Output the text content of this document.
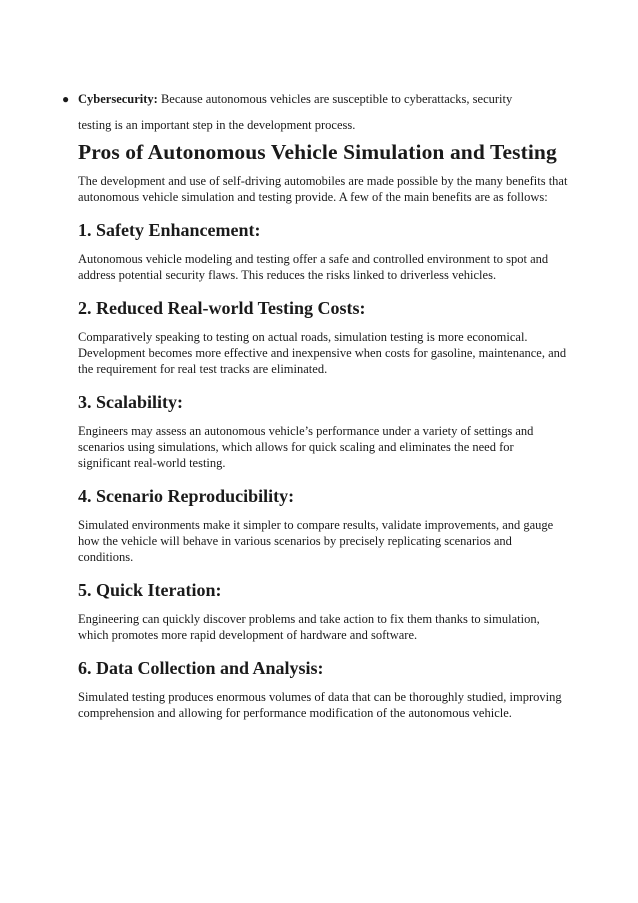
● Cybersecurity: Because autonomous vehicles are susceptible to cyberattacks, security
testing is an important step in the development process.
Pros of Autonomous Vehicle Simulation and Testing

The development and use of self-driving automobiles are made possible by the many benefits that autonomous vehicle simulation and testing provide. A few of the main benefits are as follows:

1. Safety Enhancement:

Autonomous vehicle modeling and testing offer a safe and controlled environment to spot and address potential security flaws. This reduces the risks linked to driverless vehicles.

2. Reduced Real-world Testing Costs:

Comparatively speaking to testing on actual roads, simulation testing is more economical. Development becomes more effective and inexpensive when costs for gasoline, maintenance, and the requirement for real test tracks are eliminated.

3. Scalability:

Engineers may assess an autonomous vehicle’s performance under a variety of settings and scenarios using simulations, which allows for quick scaling and eliminates the need for significant real-world testing.

4. Scenario Reproducibility:

Simulated environments make it simpler to compare results, validate improvements, and gauge how the vehicle will behave in various scenarios by precisely replicating scenarios and conditions.

5. Quick Iteration:

Engineering can quickly discover problems and take action to fix them thanks to simulation, which promotes more rapid development of hardware and software.

6. Data Collection and Analysis:

Simulated testing produces enormous volumes of data that can be thoroughly studied, improving comprehension and allowing for performance modification of the autonomous vehicle.
